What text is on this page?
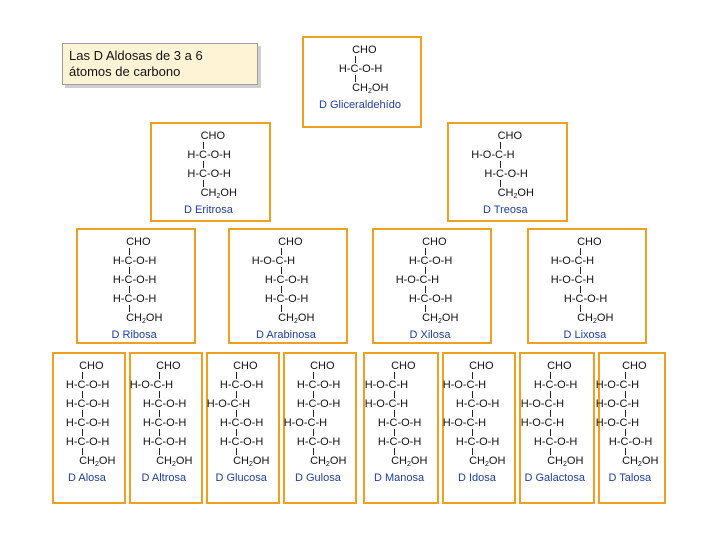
Las D Aldosas de 3 a 6
átomos de carbono
CHO
H-C-O-H
$CH_2OH$
D Gliceraldehído
CHO
H-C-O-H
H-C-O-H
$CH_2OH$
D Eritrosa
CHO
H-O-C-H
H-C-O-H
$CH_2OH$
D Treosa
CHO
H-C-O-H
H-C-O-H
H-C-O-H
$CH_2OH$
D Ribosa
CHO
H-O-C-H
H-C-O-H
H-C-O-H
$CH_2OH$
D Arabinosa
CHO
H-C-O-H
H-O-C-H
H-C-O-H
$CH_2OH$
D Xilosa
CHO
H-O-C-H
H-O-C-H
H-C-O-H
$CH_2OH$
D Lixosa
CHO
H-C-O-H
H-C-O-H
H-C-O-H
H-C-O-H
$CH_2OH$
D Alosa
CHO
H-O-C-H
H-C-O-H
H-C-O-H
H-C-O-H
$CH_2OH$
D Altrosa
CHO
H-C-O-H
H-O-C-H
H-C-O-H
H-C-O-H
$CH_2OH$
D Glucosa
CHO
H-C-O-H
H-C-O-H
H-O-C-H
H-C-O-H
$CH_2OH$
D Gulosa
CHO
H-O-C-H
H-O-C-H
H-C-O-H
H-C-O-H
$CH_2OH$
D Manosa
CHO
H-O-C-H
H-C-O-H
H-O-C-H
H-C-O-H
$CH_2OH$
D Idosa
CHO
H-C-O-H
H-O-C-H
H-O-C-H
H-C-O-H
$CH_2OH$
D Galactosa
CHO
H-O-C-H
H-O-C-H
H-O-C-H
H-C-O-H
$CH_2OH$
D Talosa
